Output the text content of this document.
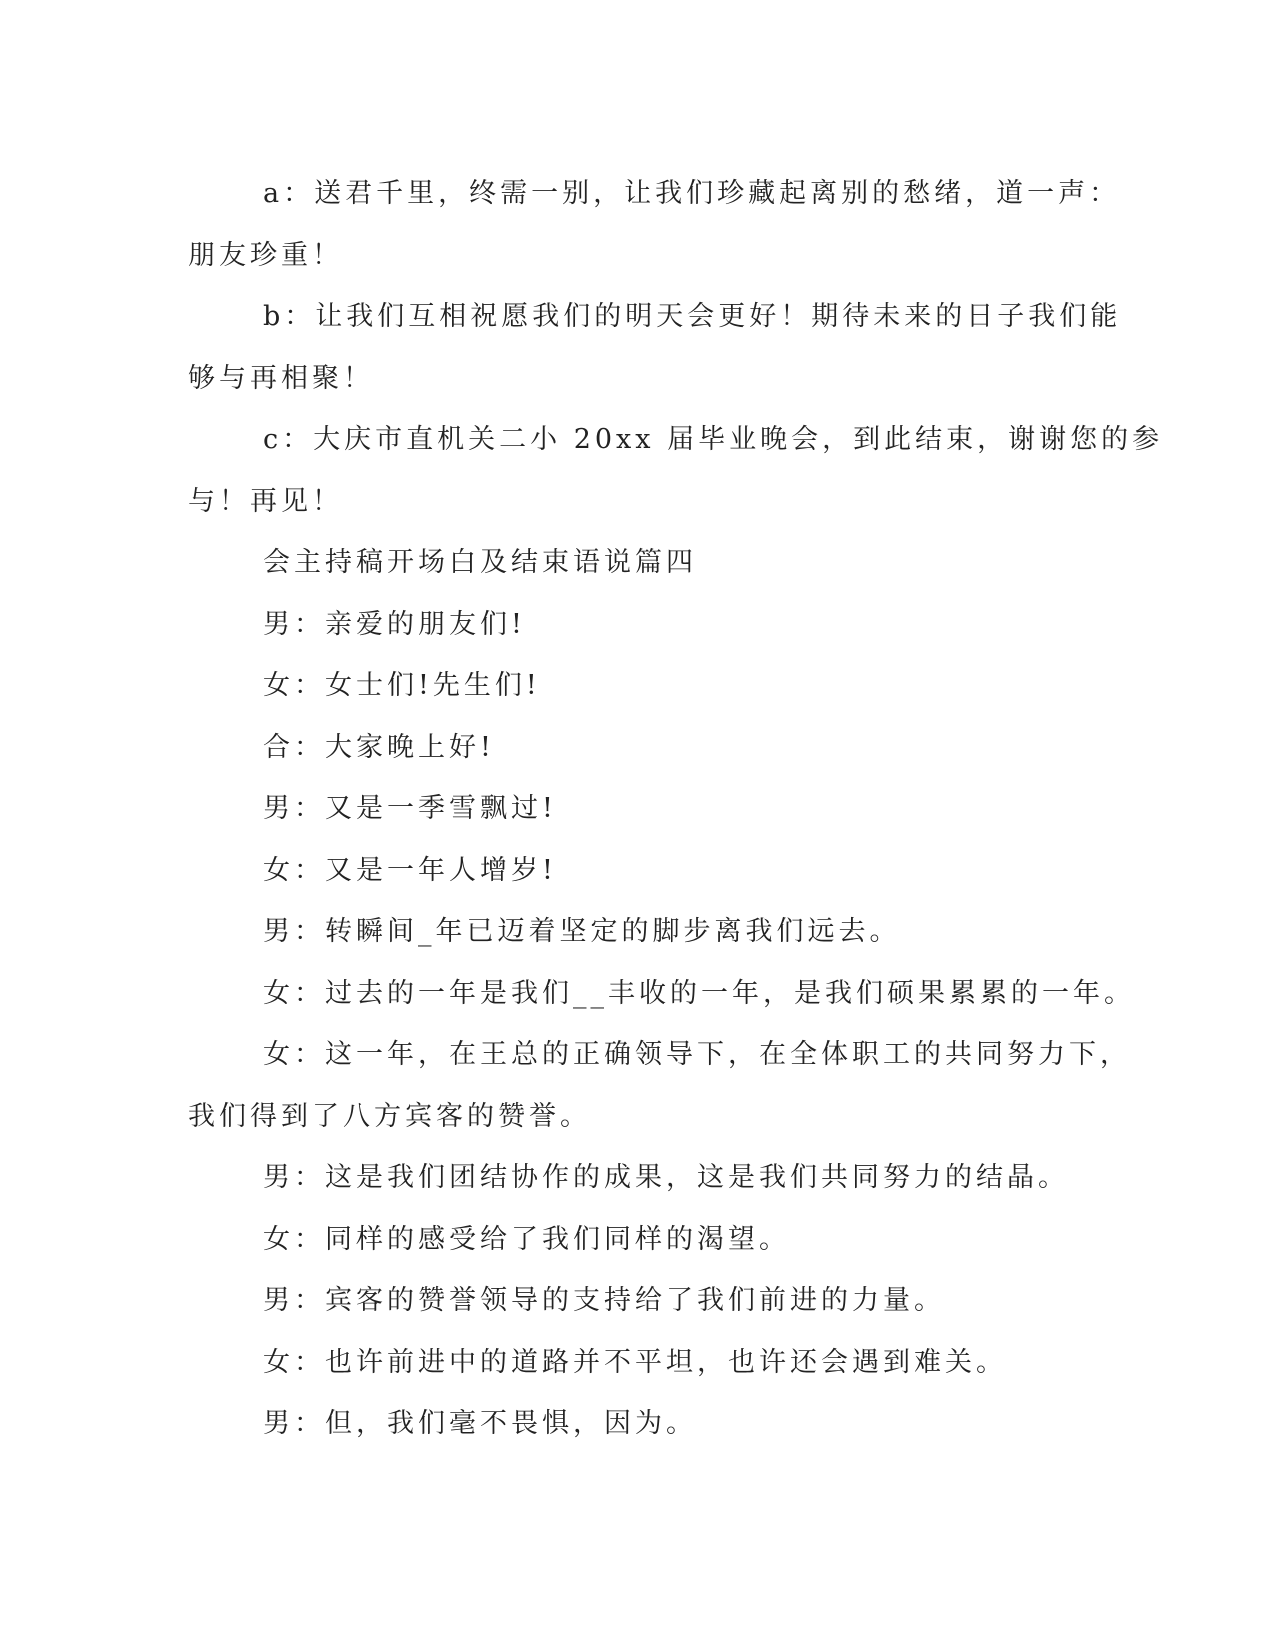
a：送君千里，终需一别，让我们珍藏起离别的愁绪，道一声：
朋友珍重！
b：让我们互相祝愿我们的明天会更好！期待未来的日子我们能
够与再相聚！
c：大庆市直机关二小 20xx 届毕业晚会，到此结束，谢谢您的参
与！再见！
会主持稿开场白及结束语说篇四
男：亲爱的朋友们!
女：女士们!先生们!
合：大家晚上好!
男：又是一季雪飘过!
女：又是一年人增岁!
男：转瞬间_年已迈着坚定的脚步离我们远去。
女：过去的一年是我们__丰收的一年，是我们硕果累累的一年。
女：这一年，在王总的正确领导下，在全体职工的共同努力下，
我们得到了八方宾客的赞誉。
男：这是我们团结协作的成果，这是我们共同努力的结晶。
女：同样的感受给了我们同样的渴望。
男：宾客的赞誉领导的支持给了我们前进的力量。
女：也许前进中的道路并不平坦，也许还会遇到难关。
男：但，我们毫不畏惧，因为。
